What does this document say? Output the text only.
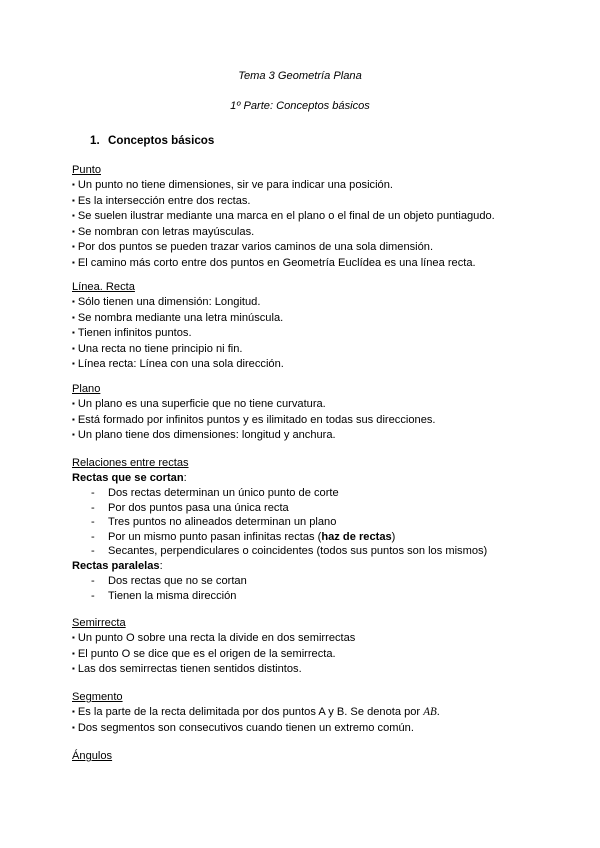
Tema 3 Geometría Plana
1º Parte: Conceptos básicos
1. Conceptos básicos
Punto
▪ Un punto no tiene dimensiones, sir ve para indicar una posición.
▪ Es la intersección entre dos rectas.
▪ Se suelen ilustrar mediante una marca en el plano o el final de un objeto puntiagudo.
▪ Se nombran con letras mayúsculas.
▪ Por dos puntos se pueden trazar varios caminos de una sola dimensión.
▪ El camino más corto entre dos puntos en Geometría Euclídea es una línea recta.
Línea. Recta
▪ Sólo tienen una dimensión: Longitud.
▪ Se nombra mediante una letra minúscula.
▪ Tienen infinitos puntos.
▪ Una recta no tiene principio ni fin.
▪ Línea recta: Línea con una sola dirección.
Plano
▪ Un plano es una superficie que no tiene curvatura.
▪ Está formado por infinitos puntos y es ilimitado en todas sus direcciones.
▪ Un plano tiene dos dimensiones: longitud y anchura.
Relaciones entre rectas
Rectas que se cortan:
- Dos rectas determinan un único punto de corte
- Por dos puntos pasa una única recta
- Tres puntos no alineados determinan un plano
- Por un mismo punto pasan infinitas rectas (haz de rectas)
- Secantes, perpendiculares o coincidentes (todos sus puntos son los mismos)
Rectas paralelas:
- Dos rectas que no se cortan
- Tienen la misma dirección
Semirrecta
▪ Un punto O sobre una recta la divide en dos semirrectas
▪ El punto O se dice que es el origen de la semirrecta.
▪ Las dos semirrectas tienen sentidos distintos.
Segmento
▪ Es la parte de la recta delimitada por dos puntos A y B. Se denota por AB.
▪ Dos segmentos son consecutivos cuando tienen un extremo común.
Ángulos
